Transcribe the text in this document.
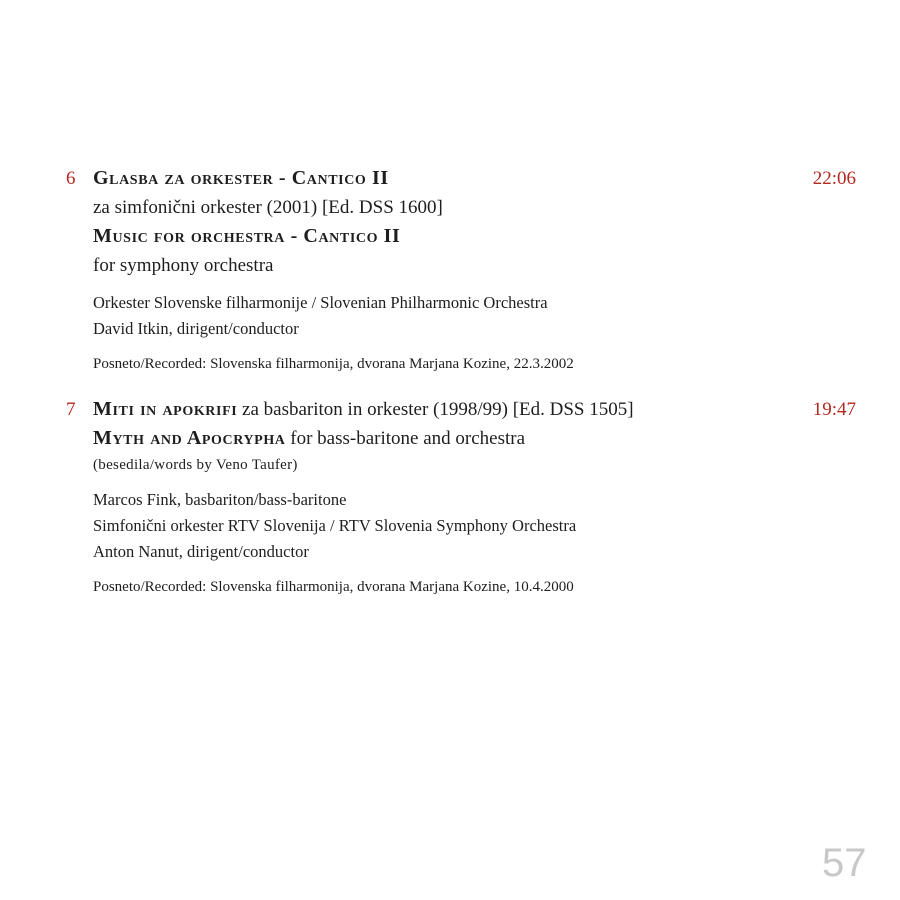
6	22:06
Glasba za orkester - Cantico II
za simfonični orkester (2001) [Ed. DSS 1600]
Music for orchestra - Cantico II
for symphony orchestra
Orkester Slovenske filharmonije / Slovenian Philharmonic Orchestra
David Itkin, dirigent/conductor
Posneto/Recorded: Slovenska filharmonija, dvorana Marjana Kozine, 22.3.2002
7	19:47
Miti in apokrifi za basbariton in orkester (1998/99) [Ed. DSS 1505]
Myth and Apocrypha for bass-baritone and orchestra
(besedila/words by Veno Taufer)
Marcos Fink, basbariton/bass-baritone
Simfonični orkester RTV Slovenija / RTV Slovenia Symphony Orchestra
Anton Nanut, dirigent/conductor
Posneto/Recorded: Slovenska filharmonija, dvorana Marjana Kozine, 10.4.2000
57
